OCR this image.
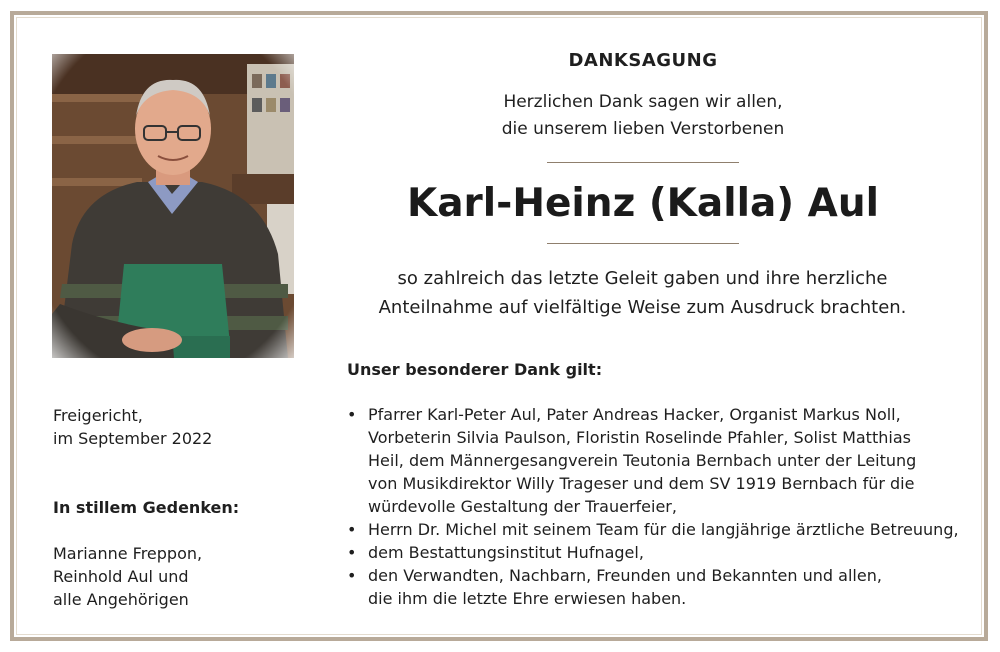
DANKSAGUNG
Herzlichen Dank sagen wir allen,
die unserem lieben Verstorbenen
Karl-Heinz (Kalla) Aul
so zahlreich das letzte Geleit gaben und ihre herzliche
Anteilnahme auf vielfältige Weise zum Ausdruck brachten.
Unser besonderer Dank gilt:
• Pfarrer Karl-Peter Aul, Pater Andreas Hacker, Organist Markus Noll,
Vorbeterin Silvia Paulson, Floristin Roselinde Pfahler, Solist Matthias
Heil, dem Männergesangverein Teutonia Bernbach unter der Leitung
von Musikdirektor Willy Trageser und dem SV 1919 Bernbach für die
würdevolle Gestaltung der Trauerfeier,
• Herrn Dr. Michel mit seinem Team für die langjährige ärztliche Betreuung,
• dem Bestattungsinstitut Hufnagel,
• den Verwandten, Nachbarn, Freunden und Bekannten und allen,
die ihm die letzte Ehre erwiesen haben.
Freigericht,
im September 2022
In stillem Gedenken:
Marianne Freppon,
Reinhold Aul und
alle Angehörigen
